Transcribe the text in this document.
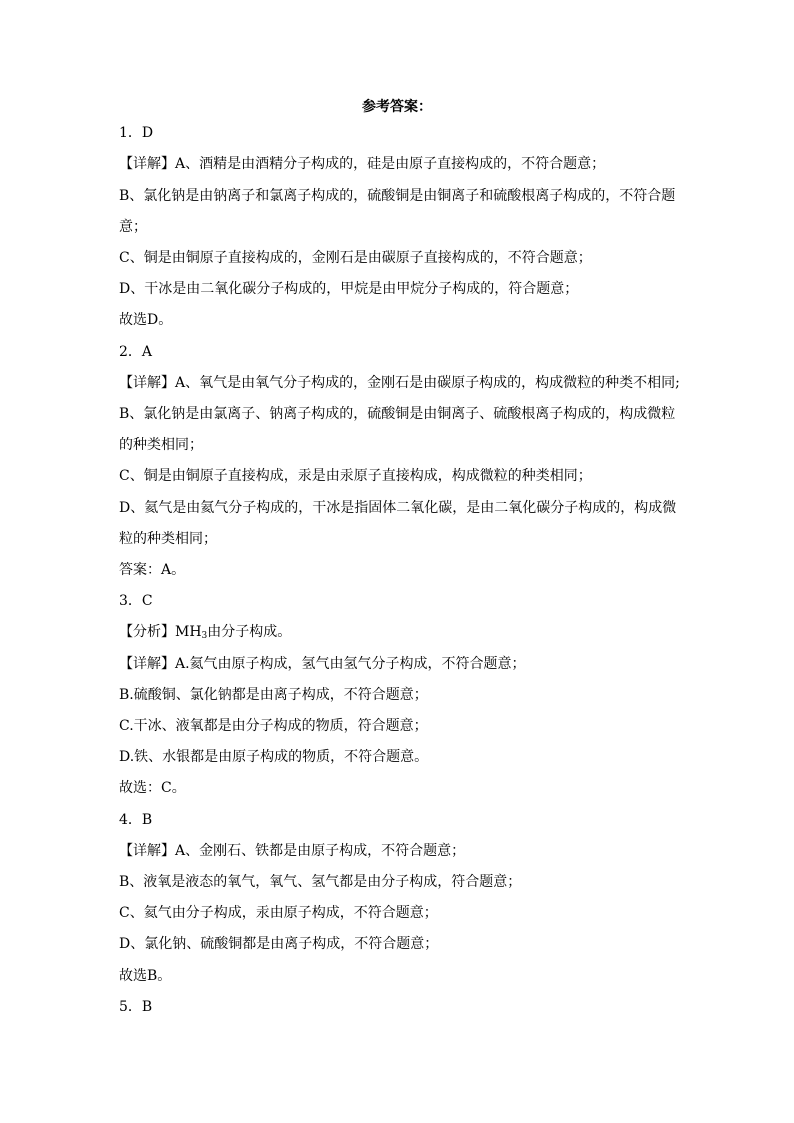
参考答案：
1．D
【详解】A、酒精是由酒精分子构成的，硅是由原子直接构成的，不符合题意；
B、氯化钠是由钠离子和氯离子构成的，硫酸铜是由铜离子和硫酸根离子构成的，不符合题
意；
C、铜是由铜原子直接构成的，金刚石是由碳原子直接构成的，不符合题意；
D、干冰是由二氧化碳分子构成的，甲烷是由甲烷分子构成的，符合题意；
故选D。
2．A
【详解】A、氧气是由氧气分子构成的，金刚石是由碳原子构成的，构成微粒的种类不相同;
B、氯化钠是由氯离子、钠离子构成的，硫酸铜是由铜离子、硫酸根离子构成的，构成微粒
的种类相同；
C、铜是由铜原子直接构成，汞是由汞原子直接构成，构成微粒的种类相同；
D、氦气是由氦气分子构成的，干冰是指固体二氧化碳，是由二氧化碳分子构成的，构成微
粒的种类相同；
答案：A。
3．C
【分析】$MH_3$由分子构成。
【详解】A.氦气由原子构成，氢气由氢气分子构成，不符合题意；
B.硫酸铜、氯化钠都是由离子构成，不符合题意；
C.干冰、液氧都是由分子构成的物质，符合题意；
D.铁、水银都是由原子构成的物质，不符合题意。
故选：C。
4．B
【详解】A、金刚石、铁都是由原子构成，不符合题意；
B、液氧是液态的氧气，氧气、氢气都是由分子构成，符合题意；
C、氦气由分子构成，汞由原子构成，不符合题意；
D、氯化钠、硫酸铜都是由离子构成，不符合题意；
故选B。
5．B
